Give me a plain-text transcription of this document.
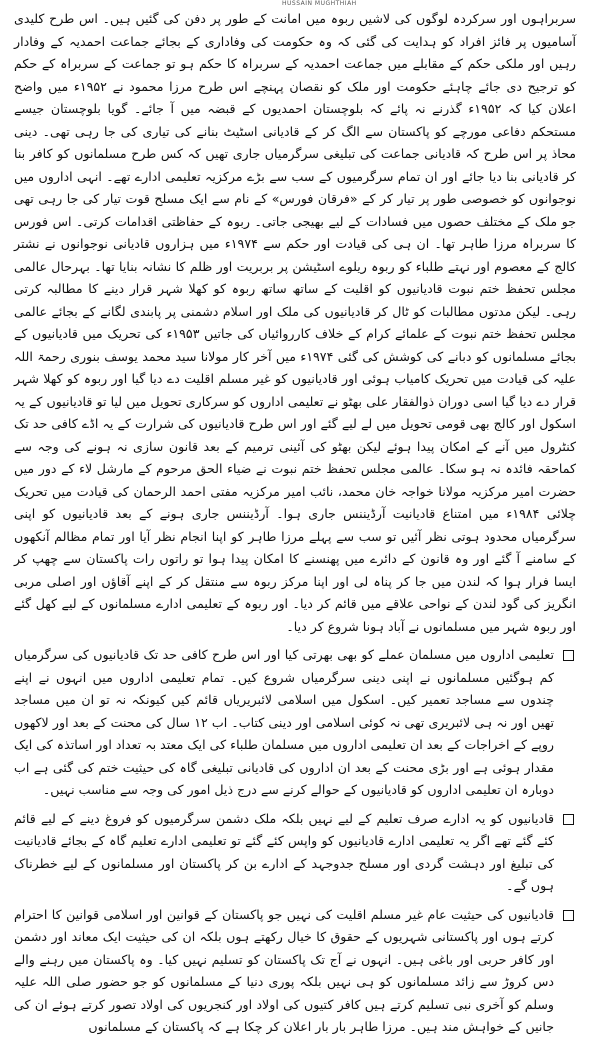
HUSSAIN MUGHTHIAH

سربراہوں اور سرکردہ لوگوں کی لاشیں ربوہ میں امانت کے طور پر دفن کی گئیں ہیں۔ اس طرح کلیدی آسامیوں پر فائز افراد کو ہدایت کی گئی کہ وہ حکومت کی وفاداری کے بجائے جماعت احمدیہ کے وفادار رہیں اور ملکی حکم کے مقابلے میں جماعت احمدیہ کے سربراہ کا حکم ہو تو جماعت کے سربراہ کے حکم کو ترجیح دی جائے چاہئے حکومت اور ملک کو نقصان پہنچے اس طرح مرزا محمود نے ۱۹۵۲ء میں واضح اعلان کیا کہ ۱۹۵۲ء گذرنے نہ پائے کہ بلوچستان احمدیوں کے قبضہ میں آ جائے۔ گویا بلوچستان جیسے مستحکم دفاعی مورچے کو پاکستان سے الگ کر کے قادیانی اسٹیٹ بنانے کی تیاری کی جا رہی تھی۔ دینی محاذ پر اس طرح کہ قادیانی جماعت کی تبلیغی سرگرمیاں جاری تھیں کہ کس طرح مسلمانوں کو کافر بنا کر قادیانی بنا دیا جائے اور ان تمام سرگرمیوں کے سب سے بڑے مرکزیہ تعلیمی ادارے تھے۔ انہی اداروں میں نوجوانوں کو خصوصی طور پر تیار کر کے «فرقان فورس» کے نام سے ایک مسلح قوت تیار کی جا رہی تھی جو ملک کے مختلف حصوں میں فسادات کے لیے بھیجی جاتی۔ ربوہ کے حفاظتی اقدامات کرتی۔ اس فورس کا سربراہ مرزا طاہر تھا۔ ان ہی کی قیادت اور حکم سے ۱۹۷۴ء میں ہزاروں قادیانی نوجوانوں نے نشتر کالج کے معصوم اور نہتے طلباء کو ربوہ ریلوے اسٹیشن پر بربریت اور ظلم کا نشانہ بنایا تھا۔ بہرحال عالمی مجلس تحفظ ختم نبوت قادیانیوں کو اقلیت کے ساتھ ساتھ ربوہ کو کھلا شہر قرار دینے کا مطالبہ کرتی رہی۔ لیکن مدتوں مطالبات کو ٹال کر قادیانیوں کی ملک اور اسلام دشمنی پر پابندی لگانے کے بجائے عالمی مجلس تحفظ ختم نبوت کے علمائے کرام کے خلاف کارروائیاں کی جاتیں ۱۹۵۳ء کی تحریک میں قادیانیوں کے بجائے مسلمانوں کو دبانے کی کوشش کی گئی ۱۹۷۴ء میں آخر کار مولانا سید محمد یوسف بنوری رحمۃ اللہ علیہ کی قیادت میں تحریک کامیاب ہوئی اور قادیانیوں کو غیر مسلم اقلیت دے دیا گیا اور ربوہ کو کھلا شہر قرار دے دیا گیا اسی دوران ذوالفقار علی بھٹو نے تعلیمی اداروں کو سرکاری تحویل میں لیا تو قادیانیوں کے یہ اسکول اور کالج بھی قومی تحویل میں لے لیے گئے اور اس طرح قادیانیوں کی شرارت کے یہ اڈے کافی حد تک کنٹرول میں آنے کے امکان پیدا ہوئے لیکن بھٹو کی آئینی ترمیم کے بعد قانون سازی نہ ہونے کی وجہ سے کماحقہ فائدہ نہ ہو سکا۔ عالمی مجلس تحفظ ختم نبوت نے ضیاء الحق مرحوم کے مارشل لاء کے دور میں حضرت امیر مرکزیہ مولانا خواجہ خان محمد، نائب امیر مرکزیہ مفتی احمد الرحمان کی قیادت میں تحریک چلائی ۱۹۸۴ء میں امتناع قادیانیت آرڈیننس جاری ہوا۔ آرڈیننس جاری ہونے کے بعد قادیانیوں کو اپنی سرگرمیاں محدود ہوتی نظر آئیں تو سب سے پہلے مرزا طاہر کو اپنا انجام نظر آیا اور تمام مظالم آنکھوں کے سامنے آ گئے اور وہ قانون کے دائرے میں پھنسنے کا امکان پیدا ہوا تو راتوں رات پاکستان سے چھپ کر ایسا فرار ہوا کہ لندن میں جا کر پناہ لی اور اپنا مرکز ربوہ سے منتقل کر کے اپنے آقاؤں اور اصلی مربی انگریز کی گود لندن کے نواحی علاقے میں قائم کر دیا۔ اور ربوہ کے تعلیمی ادارے مسلمانوں کے لیے کھل گئے اور ربوہ شہر میں مسلمانوں نے آباد ہونا شروع کر دیا۔

تعلیمی اداروں میں مسلمان عملے کو بھی بھرتی کیا اور اس طرح کافی حد تک قادیانیوں کی سرگرمیاں کم ہوگئیں مسلمانوں نے اپنی دینی سرگرمیاں شروع کیں۔ تمام تعلیمی اداروں میں انہوں نے اپنے چندوں سے مساجد تعمیر کیں۔ اسکول میں اسلامی لائبریریاں قائم کیں کیونکہ نہ تو ان میں مساجد تھیں اور نہ ہی لائبریری تھی نہ کوئی اسلامی اور دینی کتاب۔ اب ۱۲ سال کی محنت کے بعد اور لاکھوں روپے کے اخراجات کے بعد ان تعلیمی اداروں میں مسلمان طلباء کی ایک معتد بہ تعداد اور اساتذہ کی ایک مقدار ہوئی ہے اور بڑی محنت کے بعد ان اداروں کی قادیانی تبلیغی گاہ کی حیثیت ختم کی گئی ہے اب دوبارہ ان تعلیمی اداروں کو قادیانیوں کے حوالے کرنے سے درج ذیل امور کی وجہ سے مناسب نہیں۔

قادیانیوں کو یہ ادارے صرف تعلیم کے لیے نہیں بلکہ ملک دشمن سرگرمیوں کو فروغ دینے کے لیے قائم کئے گئے تھے اگر یہ تعلیمی ادارے قادیانیوں کو واپس کئے گئے تو تعلیمی ادارے تعلیم گاہ کے بجائے قادیانیت کی تبلیغ اور دہشت گردی اور مسلح جدوجہد کے ادارے بن کر پاکستان اور مسلمانوں کے لیے خطرناک ہوں گے۔

قادیانیوں کی حیثیت عام غیر مسلم اقلیت کی نہیں جو پاکستان کے قوانین اور اسلامی قوانین کا احترام کرتے ہوں اور پاکستانی شہریوں کے حقوق کا خیال رکھتے ہوں بلکہ ان کی حیثیت ایک معاند اور دشمن اور کافر حربی اور باغی ہیں۔ انہوں نے آج تک پاکستان کو تسلیم نہیں کیا۔ وہ پاکستان میں رہنے والے دس کروڑ سے زائد مسلمانوں کو ہی نہیں بلکہ پوری دنیا کے مسلمانوں کو جو حضور صلی اللہ علیہ وسلم کو آخری نبی تسلیم کرتے ہیں کافر کتیوں کی اولاد اور کنجریوں کی اولاد تصور کرتے ہوئے ان کی جانیں کے خواہش مند ہیں۔ مرزا طاہر بار بار اعلان کر چکا ہے کہ پاکستان کے مسلمانوں
